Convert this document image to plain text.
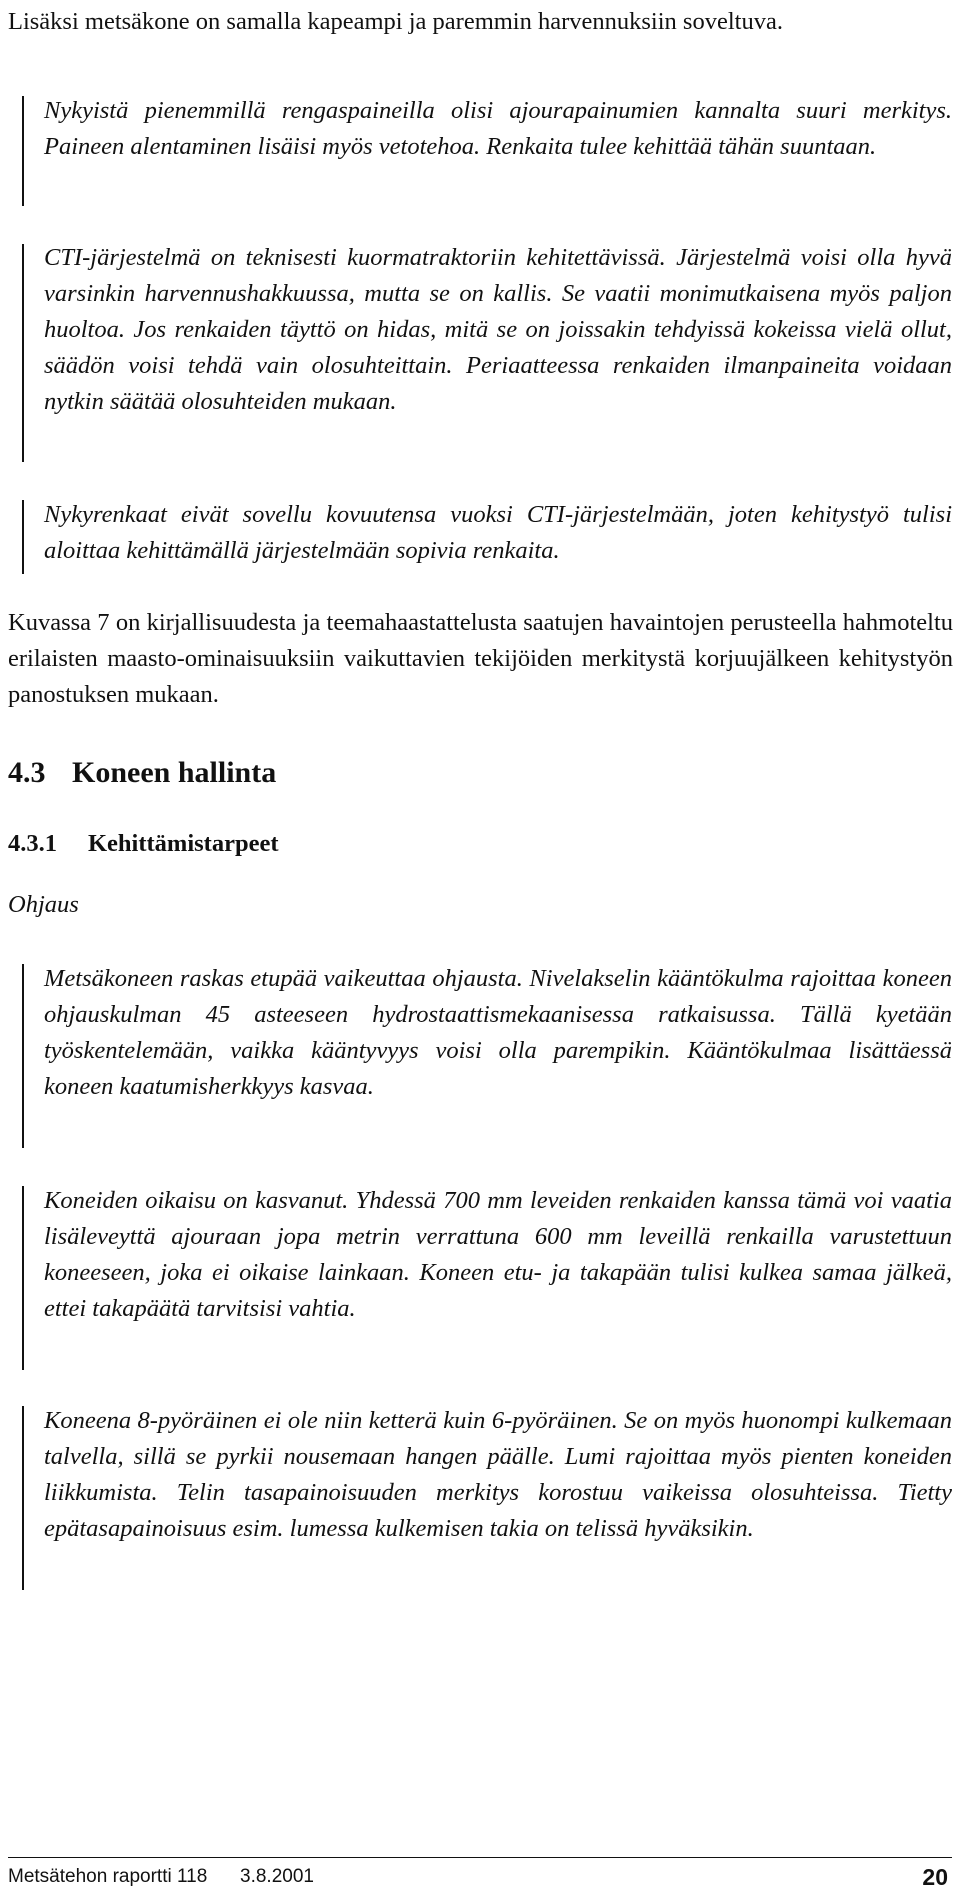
Lisäksi metsäkone on samalla kapeampi ja paremmin harvennuksiin soveltuva.

Nykyistä pienemmillä rengaspaineilla olisi ajourapainumien kannalta suuri merkitys. Paineen alentaminen lisäisi myös vetotehoa. Renkaita tulee kehittää tähän suuntaan.

CTI-järjestelmä on teknisesti kuormatraktoriin kehitettävissä. Järjestelmä voisi olla hyvä varsinkin harvennushakkuussa, mutta se on kallis. Se vaatii monimutkaisena myös paljon huoltoa. Jos renkaiden täyttö on hidas, mitä se on joissakin tehdyissä kokeissa vielä ollut, säädön voisi tehdä vain olosuhteittain. Periaatteessa renkaiden ilmanpaineita voidaan nytkin säätää olosuhteiden mukaan.

Nykyrenkaat eivät sovellu kovuutensa vuoksi CTI-järjestelmään, joten kehitystyö tulisi aloittaa kehittämällä järjestelmään sopivia renkaita.

Kuvassa 7 on kirjallisuudesta ja teemahaastattelusta saatujen havaintojen perusteella hahmoteltu erilaisten maasto-ominaisuuksiin vaikuttavien tekijöiden merkitystä korjuujälkeen kehitystyön panostuksen mukaan.

4.3 Koneen hallinta
4.3.1 Kehittämistarpeet

Ohjaus

Metsäkoneen raskas etupää vaikeuttaa ohjausta. Nivelakselin kääntökulma rajoittaa koneen ohjauskulman 45 asteeseen hydrostaattismekaanisessa ratkaisussa. Tällä kyetään työskentelemään, vaikka kääntyvyys voisi olla parempikin. Kääntökulmaa lisättäessä koneen kaatumisherkkyys kasvaa.

Koneiden oikaisu on kasvanut. Yhdessä 700 mm leveiden renkaiden kanssa tämä voi vaatia lisäleveyttä ajouraan jopa metrin verrattuna 600 mm leveillä renkailla varustettuun koneeseen, joka ei oikaise lainkaan. Koneen etu- ja takapään tulisi kulkea samaa jälkeä, ettei takapäätä tarvitsisi vahtia.

Koneena 8-pyöräinen ei ole niin ketterä kuin 6-pyöräinen. Se on myös huonompi kulkemaan talvella, sillä se pyrkii nousemaan hangen päälle. Lumi rajoittaa myös pienten koneiden liikkumista. Telin tasapainoisuuden merkitys korostuu vaikeissa olosuhteissa. Tietty epätasapainoisuus esim. lumessa kulkemisen takia on telissä hyväksikin.

Metsätehon raportti 118 3.8.2001	20
